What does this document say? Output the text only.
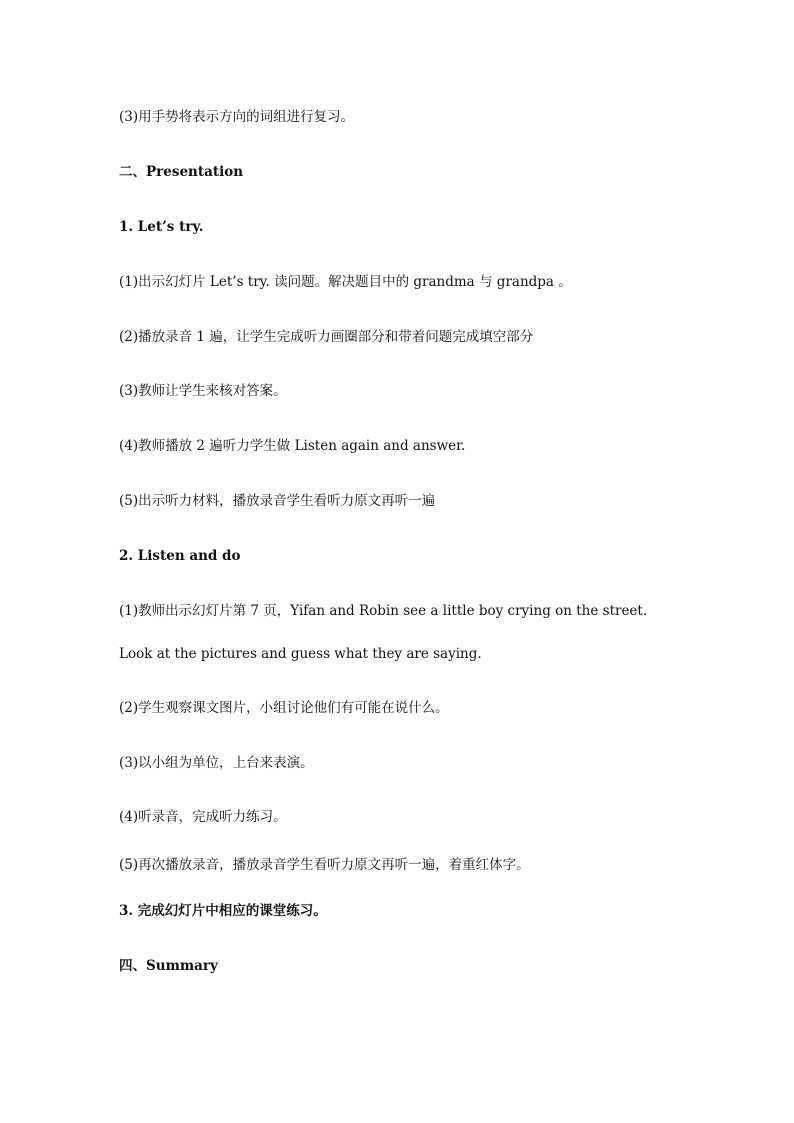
(3)用手势将表示方向的词组进行复习。
二、Presentation
1. Let’s try.
(1)出示幻灯片 Let’s try. 读问题。解决题目中的 grandma 与 grandpa 。
(2)播放录音 1 遍，让学生完成听力画圈部分和带着问题完成填空部分
(3)教师让学生来核对答案。
(4)教师播放 2 遍听力学生做 Listen again and answer.
(5)出示听力材料，播放录音学生看听力原文再听一遍
2. Listen and do
(1)教师出示幻灯片第 7 页，Yifan and Robin see a little boy crying on the street.
Look at the pictures and guess what they are saying.
(2)学生观察课文图片，小组讨论他们有可能在说什么。
(3)以小组为单位，上台来表演。
(4)听录音，完成听力练习。
(5)再次播放录音，播放录音学生看听力原文再听一遍，着重红体字。
3. 完成幻灯片中相应的课堂练习。
四、Summary
